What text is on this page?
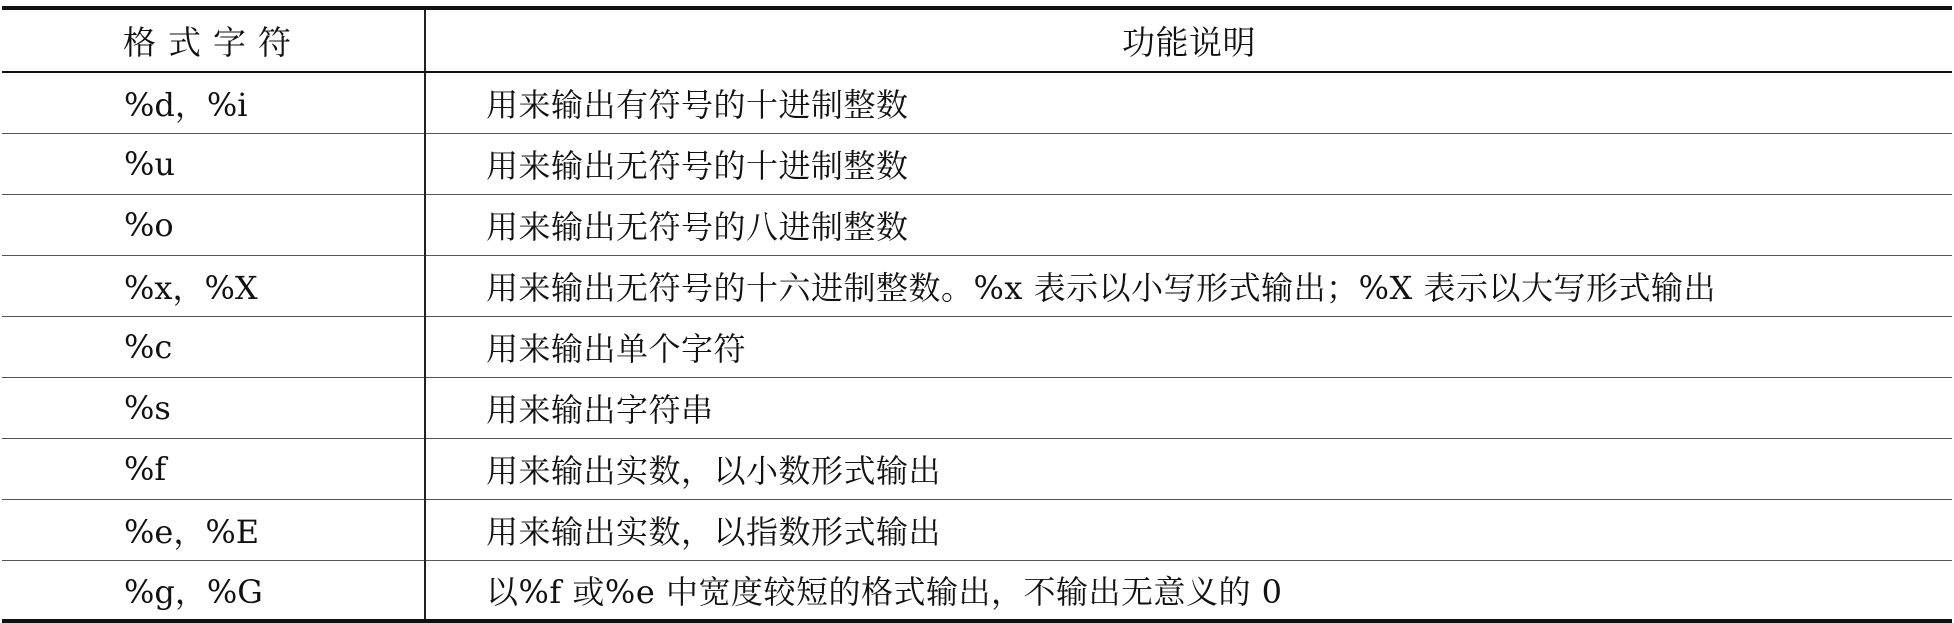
格式字符	功能说明
%d，%i	用来输出有符号的十进制整数
%u	用来输出无符号的十进制整数
%o	用来输出无符号的八进制整数
%x，%X	用来输出无符号的十六进制整数。%x 表示以小写形式输出；%X 表示以大写形式输出
%c	用来输出单个字符
%s	用来输出字符串
%f	用来输出实数，以小数形式输出
%e，%E	用来输出实数，以指数形式输出
%g，%G	以%f 或%e 中宽度较短的格式输出，不输出无意义的 0
